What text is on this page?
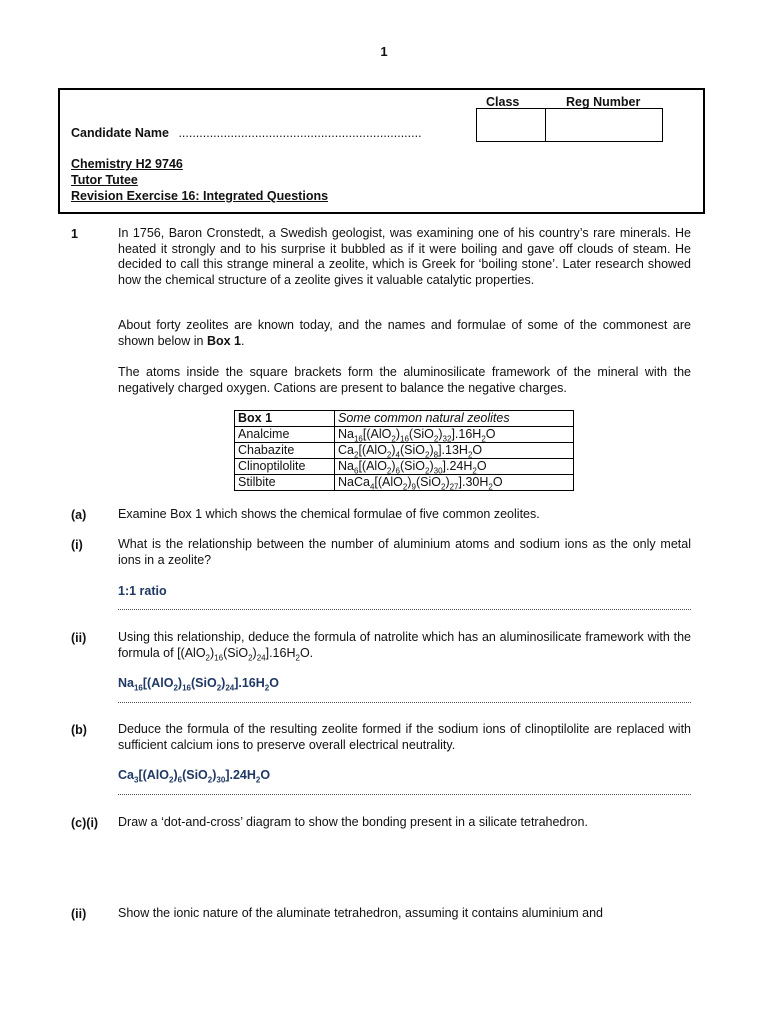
1
Class	Reg Number
Candidate Name ......................................................................
Chemistry H2 9746
Tutor Tutee
Revision Exercise 16: Integrated Questions
1	In 1756, Baron Cronstedt, a Swedish geologist, was examining one of his country’s rare minerals. He heated it strongly and to his surprise it bubbled as if it were boiling and gave off clouds of steam. He decided to call this strange mineral a zeolite, which is Greek for ‘boiling stone’. Later research showed how the chemical structure of a zeolite gives it valuable catalytic properties.
About forty zeolites are known today, and the names and formulae of some of the commonest are shown below in Box 1.
The atoms inside the square brackets form the aluminosilicate framework of the mineral with the negatively charged oxygen. Cations are present to balance the negative charges.
Box 1	Some common natural zeolites
Analcime	$Na_{16}[(AlO_2)_{16}(SiO_2)_{32}].16H_2O$
Chabazite	$Ca_2[(AlO_2)_4(SiO_2)_8].13H_2O$
Clinoptilolite	$Na_6[(AlO_2)_6(SiO_2)_{30}].24H_2O$
Stilbite	$NaCa_4[(AlO_2)_9(SiO_2)_{27}].30H_2O$
(a)	Examine Box 1 which shows the chemical formulae of five common zeolites.
(i)	What is the relationship between the number of aluminium atoms and sodium ions as the only metal ions in a zeolite?
1:1 ratio
(ii)	Using this relationship, deduce the formula of natrolite which has an aluminosilicate framework with the formula of $[(AlO_2)_{16}(SiO_2)_{24}].16H_2O$.
$Na_{16}[(AlO_2)_{16}(SiO_2)_{24}].16H_2O$
(b) Deduce the formula of the resulting zeolite formed if the sodium ions of clinoptilolite are replaced with sufficient calcium ions to preserve overall electrical neutrality.
$Ca_3[(AlO_2)_6(SiO_2)_{30}].24H_2O$
(c)(i) Draw a ‘dot-and-cross’ diagram to show the bonding present in a silicate tetrahedron.
(ii)	Show the ionic nature of the aluminate tetrahedron, assuming it contains aluminium and
